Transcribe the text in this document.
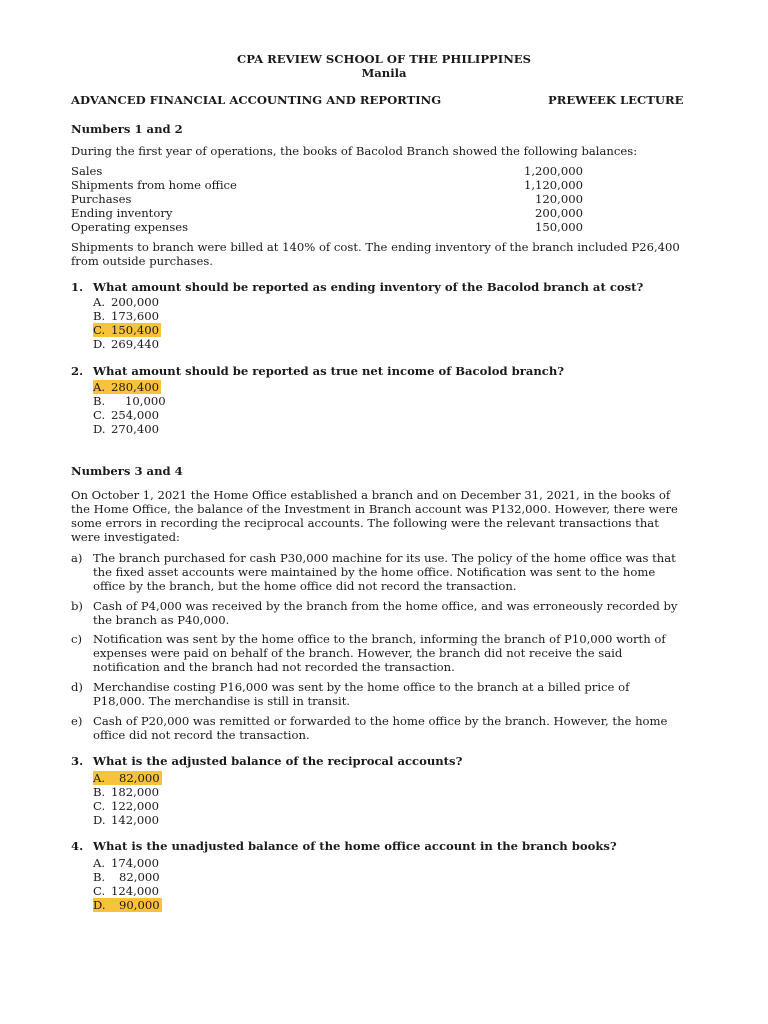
CPA REVIEW SCHOOL OF THE PHILIPPINES
Manila
ADVANCED FINANCIAL ACCOUNTING AND REPORTING	PREWEEK LECTURE
Numbers 1 and 2
During the first year of operations, the books of Bacolod Branch showed the following balances:
Sales	1,200,000
Shipments from home office	1,120,000
Purchases	120,000
Ending inventory	200,000
Operating expenses	150,000
Shipments to branch were billed at 140% of cost. The ending inventory of the branch included P26,400
from outside purchases.
1. What amount should be reported as ending inventory of the Bacolod branch at cost?
A. 200,000
B. 173,600
C. 150,400
D. 269,440
2. What amount should be reported as true net income of Bacolod branch?
A. 280,400
B. 10,000
C. 254,000
D. 270,400
Numbers 3 and 4
On October 1, 2021 the Home Office established a branch and on December 31, 2021, in the books of
the Home Office, the balance of the Investment in Branch account was P132,000. However, there were
some errors in recording the reciprocal accounts. The following were the relevant transactions that
were investigated:
a) The branch purchased for cash P30,000 machine for its use. The policy of the home office was that
the fixed asset accounts were maintained by the home office. Notification was sent to the home
office by the branch, but the home office did not record the transaction.
b) Cash of P4,000 was received by the branch from the home office, and was erroneously recorded by
the branch as P40,000.
c) Notification was sent by the home office to the branch, informing the branch of P10,000 worth of
expenses were paid on behalf of the branch. However, the branch did not receive the said
notification and the branch had not recorded the transaction.
d) Merchandise costing P16,000 was sent by the home office to the branch at a billed price of
P18,000. The merchandise is still in transit.
e) Cash of P20,000 was remitted or forwarded to the home office by the branch. However, the home
office did not record the transaction.
3. What is the adjusted balance of the reciprocal accounts?
A. 82,000
B. 182,000
C. 122,000
D. 142,000
4. What is the unadjusted balance of the home office account in the branch books?
A. 174,000
B. 82,000
C. 124,000
D. 90,000
